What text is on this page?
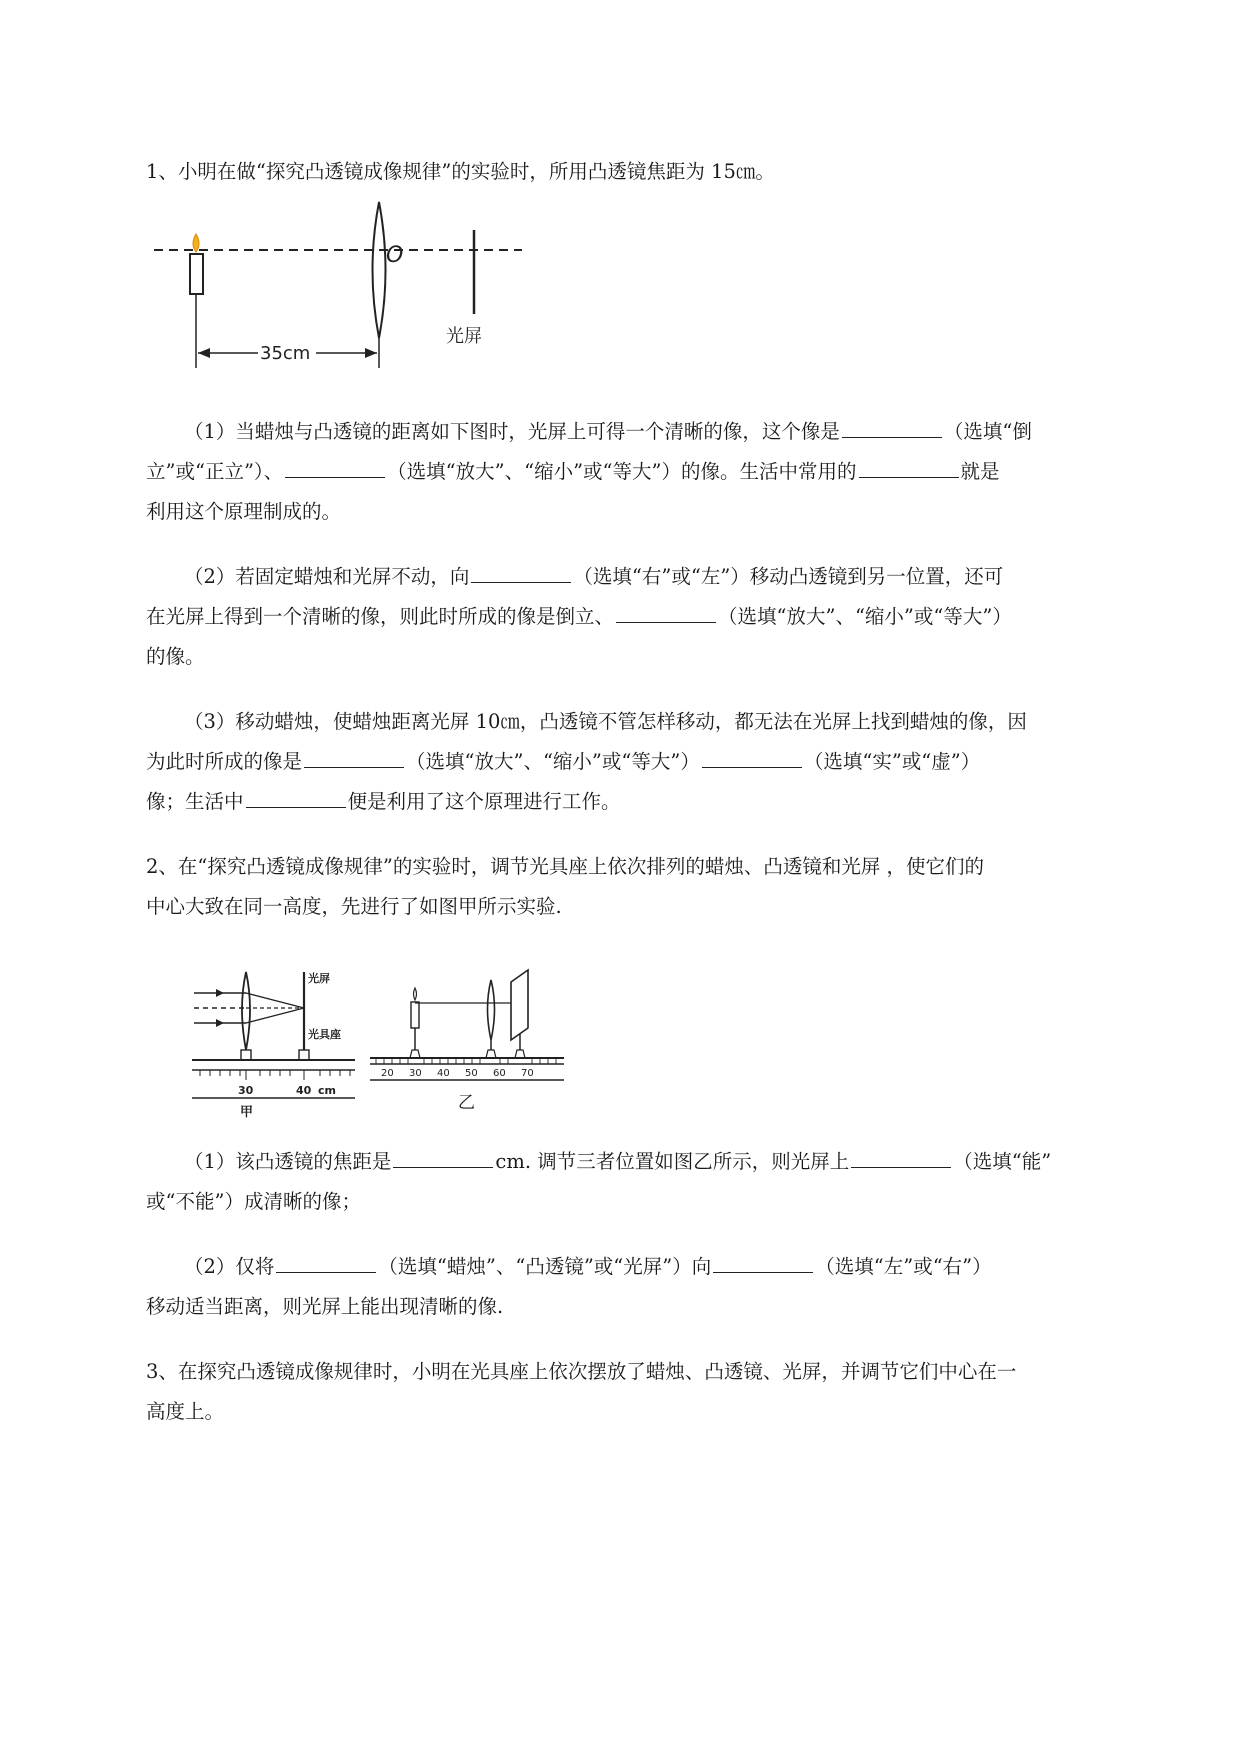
1、小明在做“探究凸透镜成像规律”的实验时，所用凸透镜焦距为 15㎝。
O
光屏
35cm
（1）当蜡烛与凸透镜的距离如下图时，光屏上可得一个清晰的像，这个像是	（选填“倒
立”或“正立”）、	（选填“放大”、“缩小”或“等大”）的像。生活中常用的	就是
利用这个原理制成的。
（2）若固定蜡烛和光屏不动，向	（选填“右”或“左”）移动凸透镜到另一位置，还可
在光屏上得到一个清晰的像，则此时所成的像是倒立、	（选填“放大”、“缩小”或“等大”）
的像。
（3）移动蜡烛，使蜡烛距离光屏 10㎝，凸透镜不管怎样移动，都无法在光屏上找到蜡烛的像，因
为此时所成的像是	（选填“放大”、“缩小”或“等大”）	（选填“实”或“虚”）
像；生活中	便是利用了这个原理进行工作。
2、在“探究凸透镜成像规律”的实验时，调节光具座上依次排列的蜡烛、凸透镜和光屏 ，使它们的
中心大致在同一高度，先进行了如图甲所示实验.
光屏
光具座
30	40 cm
甲
20 30 40 50 60 70
乙
（1）该凸透镜的焦距是	cm. 调节三者位置如图乙所示，则光屏上	（选填“能”
或“不能”）成清晰的像；
（2）仅将	（选填“蜡烛”、“凸透镜”或“光屏”）向	（选填“左”或“右”）
移动适当距离，则光屏上能出现清晰的像.
3、在探究凸透镜成像规律时，小明在光具座上依次摆放了蜡烛、凸透镜、光屏，并调节它们中心在一
高度上。
